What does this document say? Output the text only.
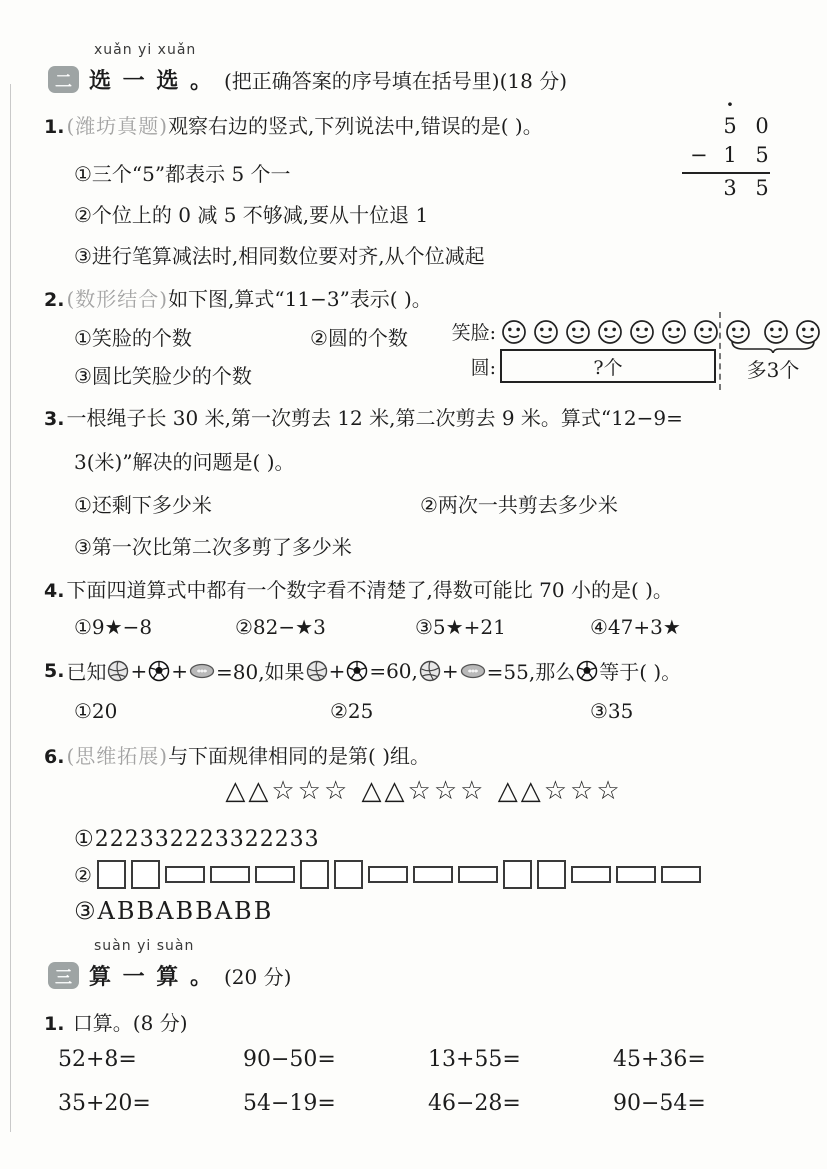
xuǎn yi xuǎn
二 选 一 选 。 (把正确答案的序号填在括号里)(18 分)
1. (潍坊真题)观察右边的竖式,下列说法中,错误的是( )。
·
5 0
− 1 5
3 5
①三个“5”都表示 5 个一
②个位上的 0 减 5 不够减,要从十位退 1
③进行笔算减法时,相同数位要对齐,从个位减起
2. (数形结合)如下图,算式“11−3”表示( )。
①笑脸的个数	②圆的个数
③圆比笑脸少的个数
笑脸:
圆:	?个	多3个
3. 一根绳子长 30 米,第一次剪去 12 米,第二次剪去 9 米。算式“12−9=
3(米)”解决的问题是( )。
①还剩下多少米	②两次一共剪去多少米
③第一次比第二次多剪了多少米
4. 下面四道算式中都有一个数字看不清楚了,得数可能比 70 小的是( )。
①9★−8	②82−★3	③5★+21	④47+3★
5. 已知 + + =80,如果 + =60, + =55,那么 等于( )。
①20	②25	③35
6. (思维拓展)与下面规律相同的是第( )组。
△△☆☆☆ △△☆☆☆ △△☆☆☆
①222332223322233
②
③ABBABBABB
suàn yi suàn
三 算 一 算 。 (20 分)
1. 口算。(8 分)
52+8=	90−50=	13+55=	45+36=
35+20=	54−19=	46−28=	90−54=
